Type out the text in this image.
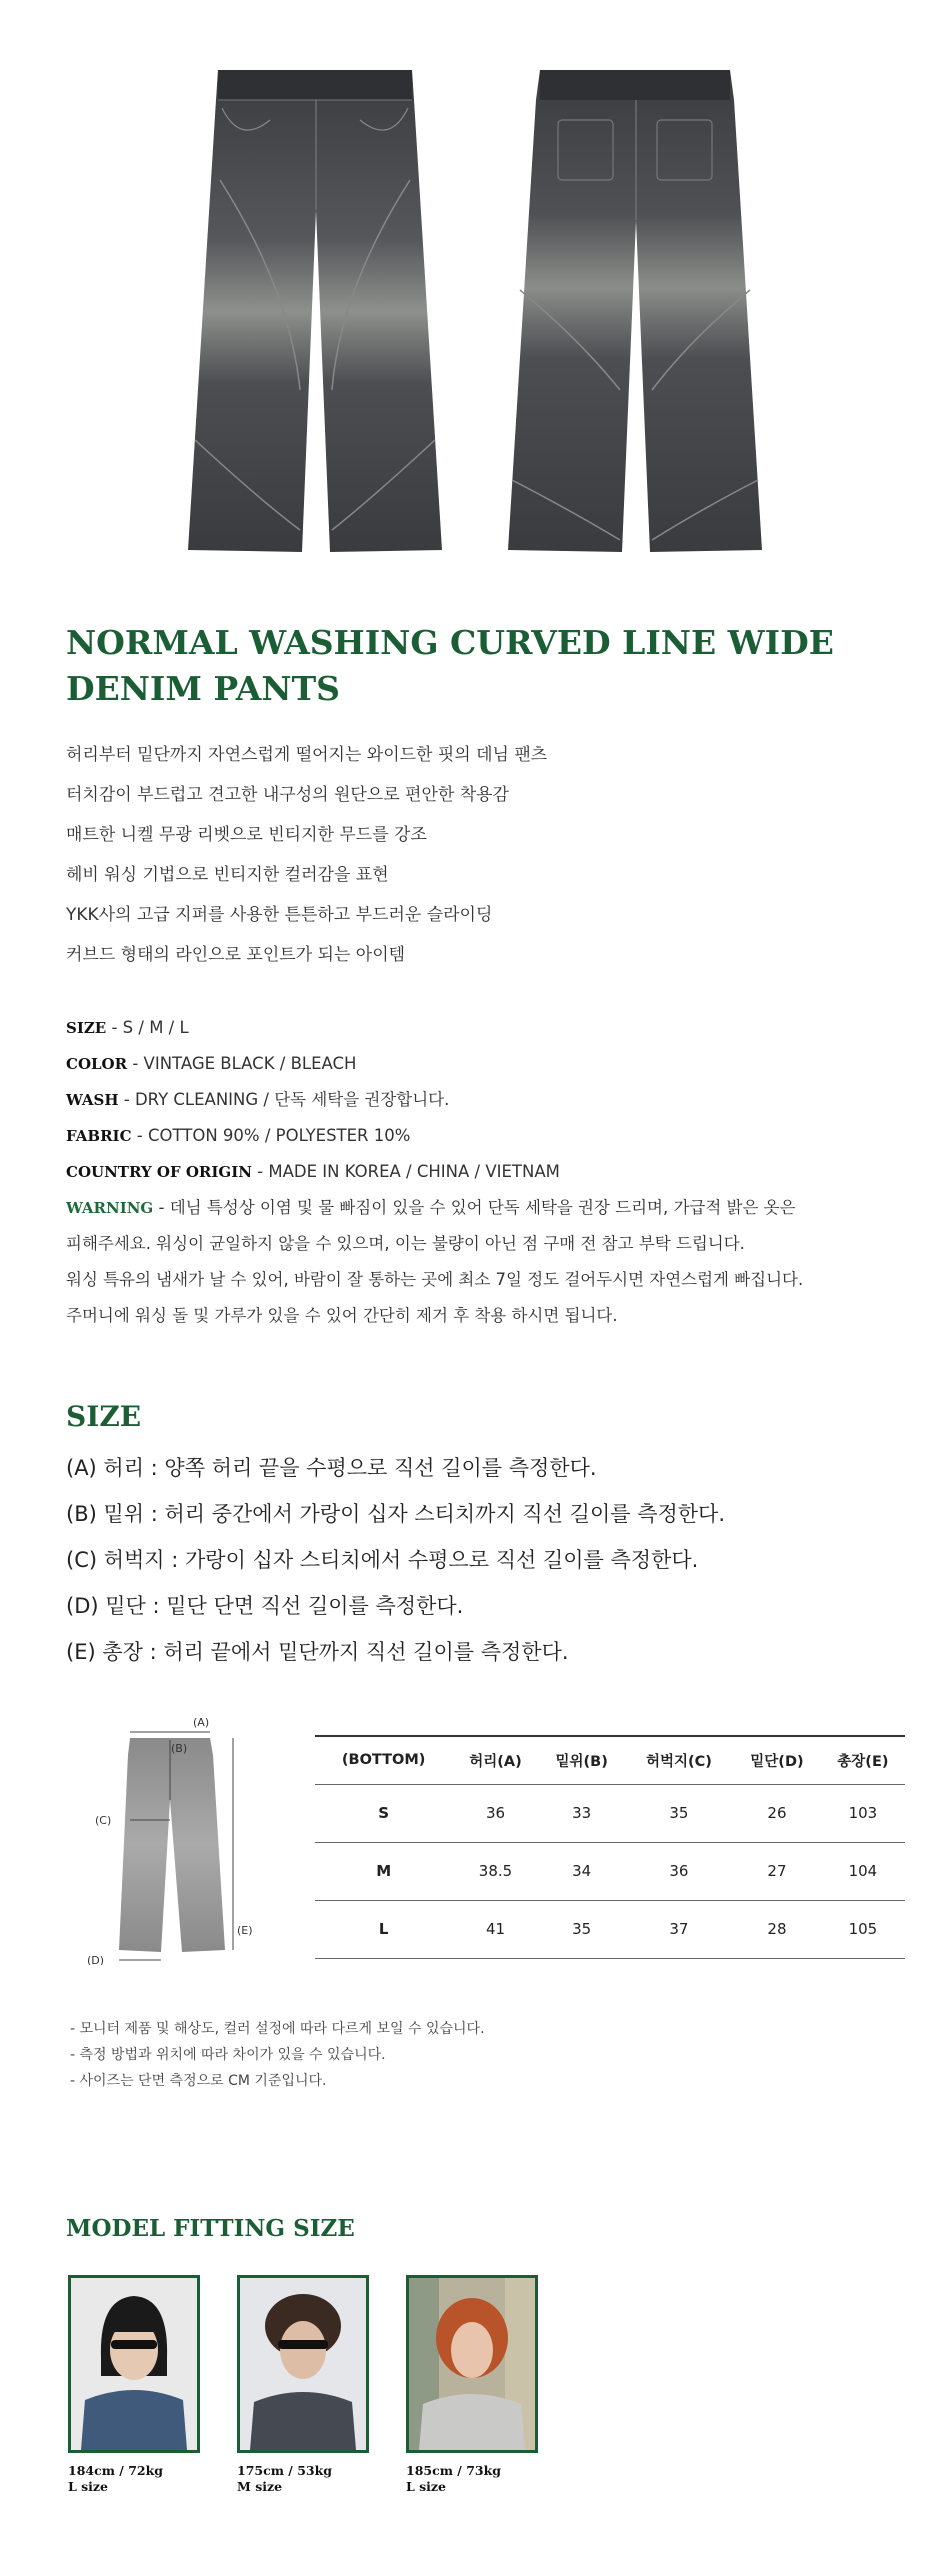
NORMAL WASHING CURVED LINE WIDE DENIM PANTS
허리부터 밑단까지 자연스럽게 떨어지는 와이드한 핏의 데님 팬츠
터치감이 부드럽고 견고한 내구성의 원단으로 편안한 착용감
매트한 니켈 무광 리벳으로 빈티지한 무드를 강조
헤비 워싱 기법으로 빈티지한 컬러감을 표현
YKK사의 고급 지퍼를 사용한 튼튼하고 부드러운 슬라이딩
커브드 형태의 라인으로 포인트가 되는 아이템
SIZE - S / M / L
COLOR - VINTAGE BLACK / BLEACH
WASH - DRY CLEANING / 단독 세탁을 권장합니다.
FABRIC - COTTON 90% / POLYESTER 10%
COUNTRY OF ORIGIN - MADE IN KOREA / CHINA / VIETNAM
WARNING - 데님 특성상 이염 및 물 빠짐이 있을 수 있어 단독 세탁을 권장 드리며, 가급적 밝은 옷은
피해주세요. 워싱이 균일하지 않을 수 있으며, 이는 불량이 아닌 점 구매 전 참고 부탁 드립니다.
워싱 특유의 냄새가 날 수 있어, 바람이 잘 통하는 곳에 최소 7일 정도 걸어두시면 자연스럽게 빠집니다.
주머니에 워싱 돌 및 가루가 있을 수 있어 간단히 제거 후 착용 하시면 됩니다.
SIZE
(A) 허리 : 양쪽 허리 끝을 수평으로 직선 길이를 측정한다.
(B) 밑위 : 허리 중간에서 가랑이 십자 스티치까지 직선 길이를 측정한다.
(C) 허벅지 : 가랑이 십자 스티치에서 수평으로 직선 길이를 측정한다.
(D) 밑단 : 밑단 단면 직선 길이를 측정한다.
(E) 총장 : 허리 끝에서 밑단까지 직선 길이를 측정한다.
(A)
(B)
(C)
(D)
(E)
(BOTTOM)	허리(A)	밑위(B)	허벅지(C)	밑단(D)	총장(E)
S	36	33	35	26	103
M	38.5	34	36	27	104
L	41	35	37	28	105
- 모니터 제품 및 해상도, 컬러 설정에 따라 다르게 보일 수 있습니다.
- 측정 방법과 위치에 따라 차이가 있을 수 있습니다.
- 사이즈는 단면 측정으로 CM 기준입니다.
MODEL FITTING SIZE
184cm / 72kg
L size
175cm / 53kg
M size
185cm / 73kg
L size
